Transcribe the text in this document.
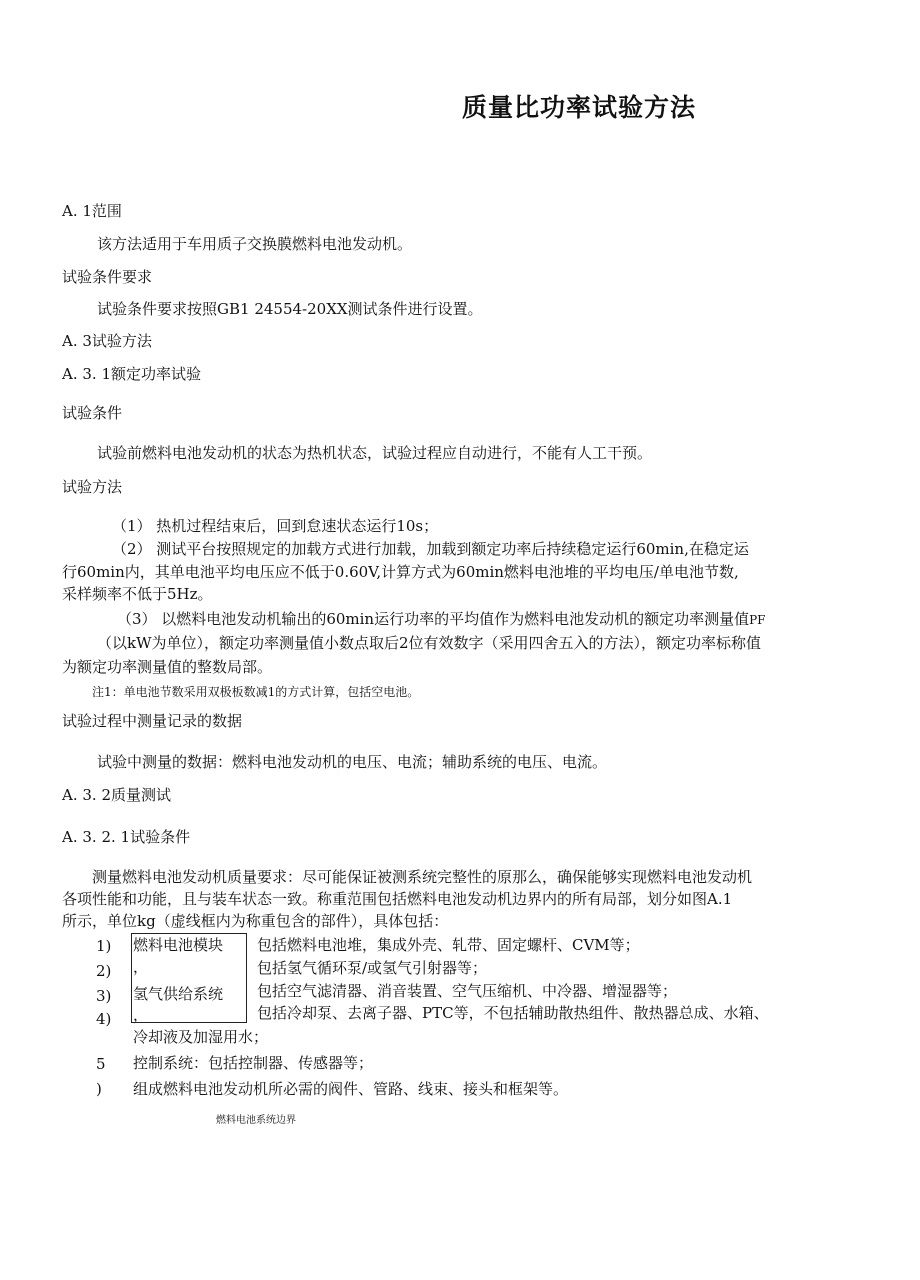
质量比功率试验方法
A. 1范围
该方法适用于车用质子交换膜燃料电池发动机。
试验条件要求
试验条件要求按照GB1 24554-20XX测试条件进行设置。
A. 3试验方法
A. 3. 1额定功率试验
试验条件
试验前燃料电池发动机的状态为热机状态，试验过程应自动进行，不能有人工干预。
试验方法
（1） 热机过程结束后，回到怠速状态运行10s；
（2） 测试平台按照规定的加载方式进行加载，加载到额定功率后持续稳定运行60min,在稳定运
行60min内，其单电池平均电压应不低于0.60V,计算方式为60min燃料电池堆的平均电压/单电池节数,
采样频率不低于5Hz。
（3） 以燃料电池发动机输出的60min运行功率的平均值作为燃料电池发动机的额定功率测量值PF
（以kW为单位），额定功率测量值小数点取后2位有效数字（采用四舍五入的方法），额定功率标称值
为额定功率测量值的整数局部。
注1：单电池节数采用双极板数减1的方式计算，包括空电池。
试验过程中测量记录的数据
试验中测量的数据：燃料电池发动机的电压、电流；辅助系统的电压、电流。
A. 3. 2质量测试
A. 3. 2. 1试验条件
测量燃料电池发动机质量要求：尽可能保证被测系统完整性的原那么，确保能够实现燃料电池发动机
各项性能和功能，且与装车状态一致。称重范围包括燃料电池发动机边界内的所有局部，划分如图A.1
所示，单位kg（虚线框内为称重包含的部件），具体包括：
1)
2)
3)
4)
5
)
燃料电池模块
，
氢气供给系统
，
包括燃料电池堆，集成外壳、轧带、固定螺杆、CVM等；
包括氢气循环泵/或氢气引射器等；
包括空气滤清器、消音装置、空气压缩机、中冷器、增湿器等；
包括冷却泵、去离子器、PTC等，不包括辅助散热组件、散热器总成、水箱、
冷却液及加湿用水；
控制系统：包括控制器、传感器等；
组成燃料电池发动机所必需的阀件、管路、线束、接头和框架等。
燃料电池系统边界
